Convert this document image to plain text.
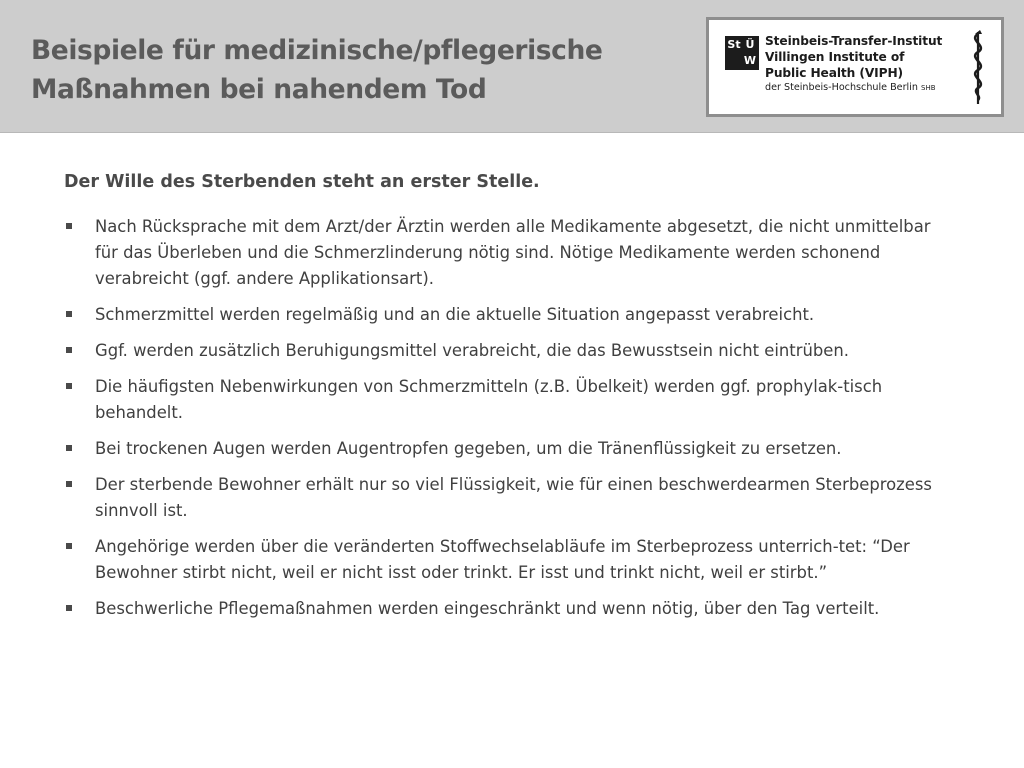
Beispiele für medizinische/pflegerische
Maßnahmen bei nahendem Tod
St Ü
W
Steinbeis-Transfer-Institut
Villingen Institute of
Public Health (VIPH)
der Steinbeis-Hochschule Berlin SHB
Der Wille des Sterbenden steht an erster Stelle.
Nach Rücksprache mit dem Arzt/der Ärztin werden alle Medikamente abgesetzt, die nicht unmittelbar für das Überleben und die Schmerzlinderung nötig sind. Nötige Medikamente werden schonend verabreicht (ggf. andere Applikationsart).
Schmerzmittel werden regelmäßig und an die aktuelle Situation angepasst verabreicht.
Ggf. werden zusätzlich Beruhigungsmittel verabreicht, die das Bewusstsein nicht eintrüben.
Die häufigsten Nebenwirkungen von Schmerzmitteln (z.B. Übelkeit) werden ggf. prophylak-tisch behandelt.
Bei trockenen Augen werden Augentropfen gegeben, um die Tränenflüssigkeit zu ersetzen.
Der sterbende Bewohner erhält nur so viel Flüssigkeit, wie für einen beschwerdearmen Sterbeprozess sinnvoll ist.
Angehörige werden über die veränderten Stoffwechselabläufe im Sterbeprozess unterrich-tet: “Der Bewohner stirbt nicht, weil er nicht isst oder trinkt. Er isst und trinkt nicht, weil er stirbt.”
Beschwerliche Pflegemaßnahmen werden eingeschränkt und wenn nötig, über den Tag verteilt.
